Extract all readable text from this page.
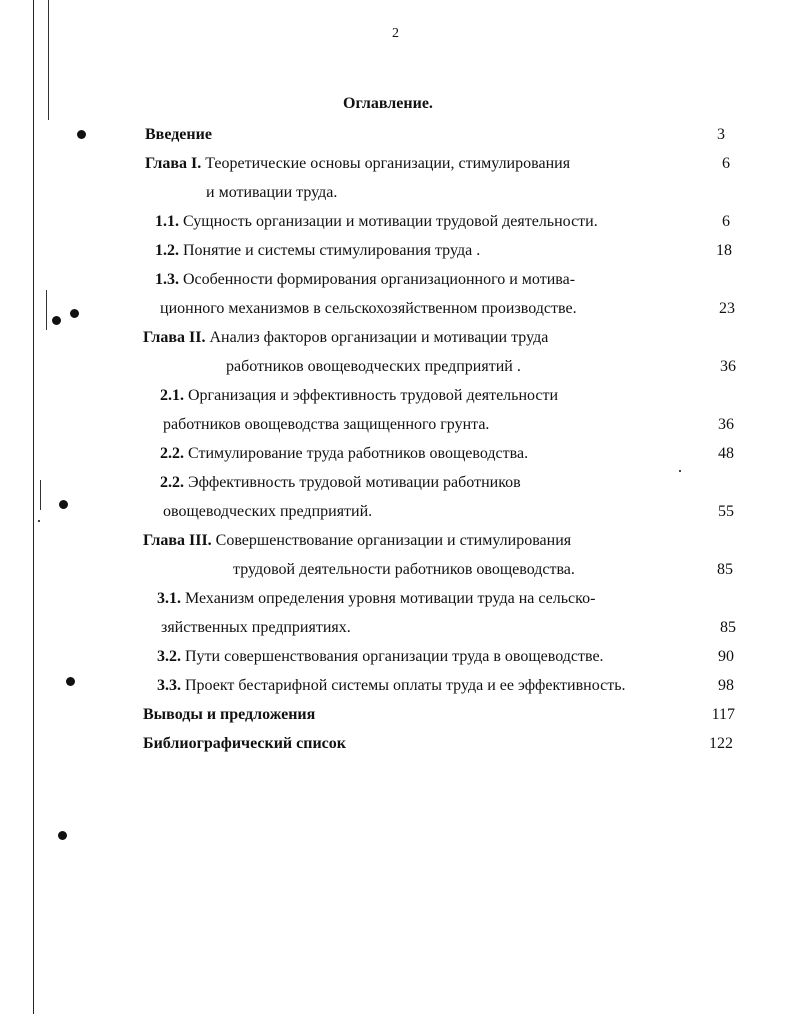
2
Оглавление.
Введение	3
Глава I. Теоретические основы организации, стимулирования	6
и мотивации труда.
1.1. Сущность организации и мотивации трудовой деятельности.	6
1.2. Понятие и системы стимулирования труда .	18
1.3. Особенности формирования организационного и мотива-
ционного механизмов в сельскохозяйственном производстве.	23
Глава II. Анализ факторов организации и мотивации труда
работников овощеводческих предприятий .	36
2.1. Организация и эффективность трудовой деятельности
работников овощеводства защищенного грунта.	36
2.2. Стимулирование труда работников овощеводства.	48
2.2. Эффективность трудовой мотивации работников
овощеводческих предприятий.	55
Глава III. Совершенствование организации и стимулирования
трудовой деятельности работников овощеводства.	85
3.1. Механизм определения уровня мотивации труда на сельско-
зяйственных предприятиях.	85
3.2. Пути совершенствования организации труда в овощеводстве.	90
3.3. Проект бестарифной системы оплаты труда и ее эффективность.	98
Выводы и предложения	117
Библиографический список	122
